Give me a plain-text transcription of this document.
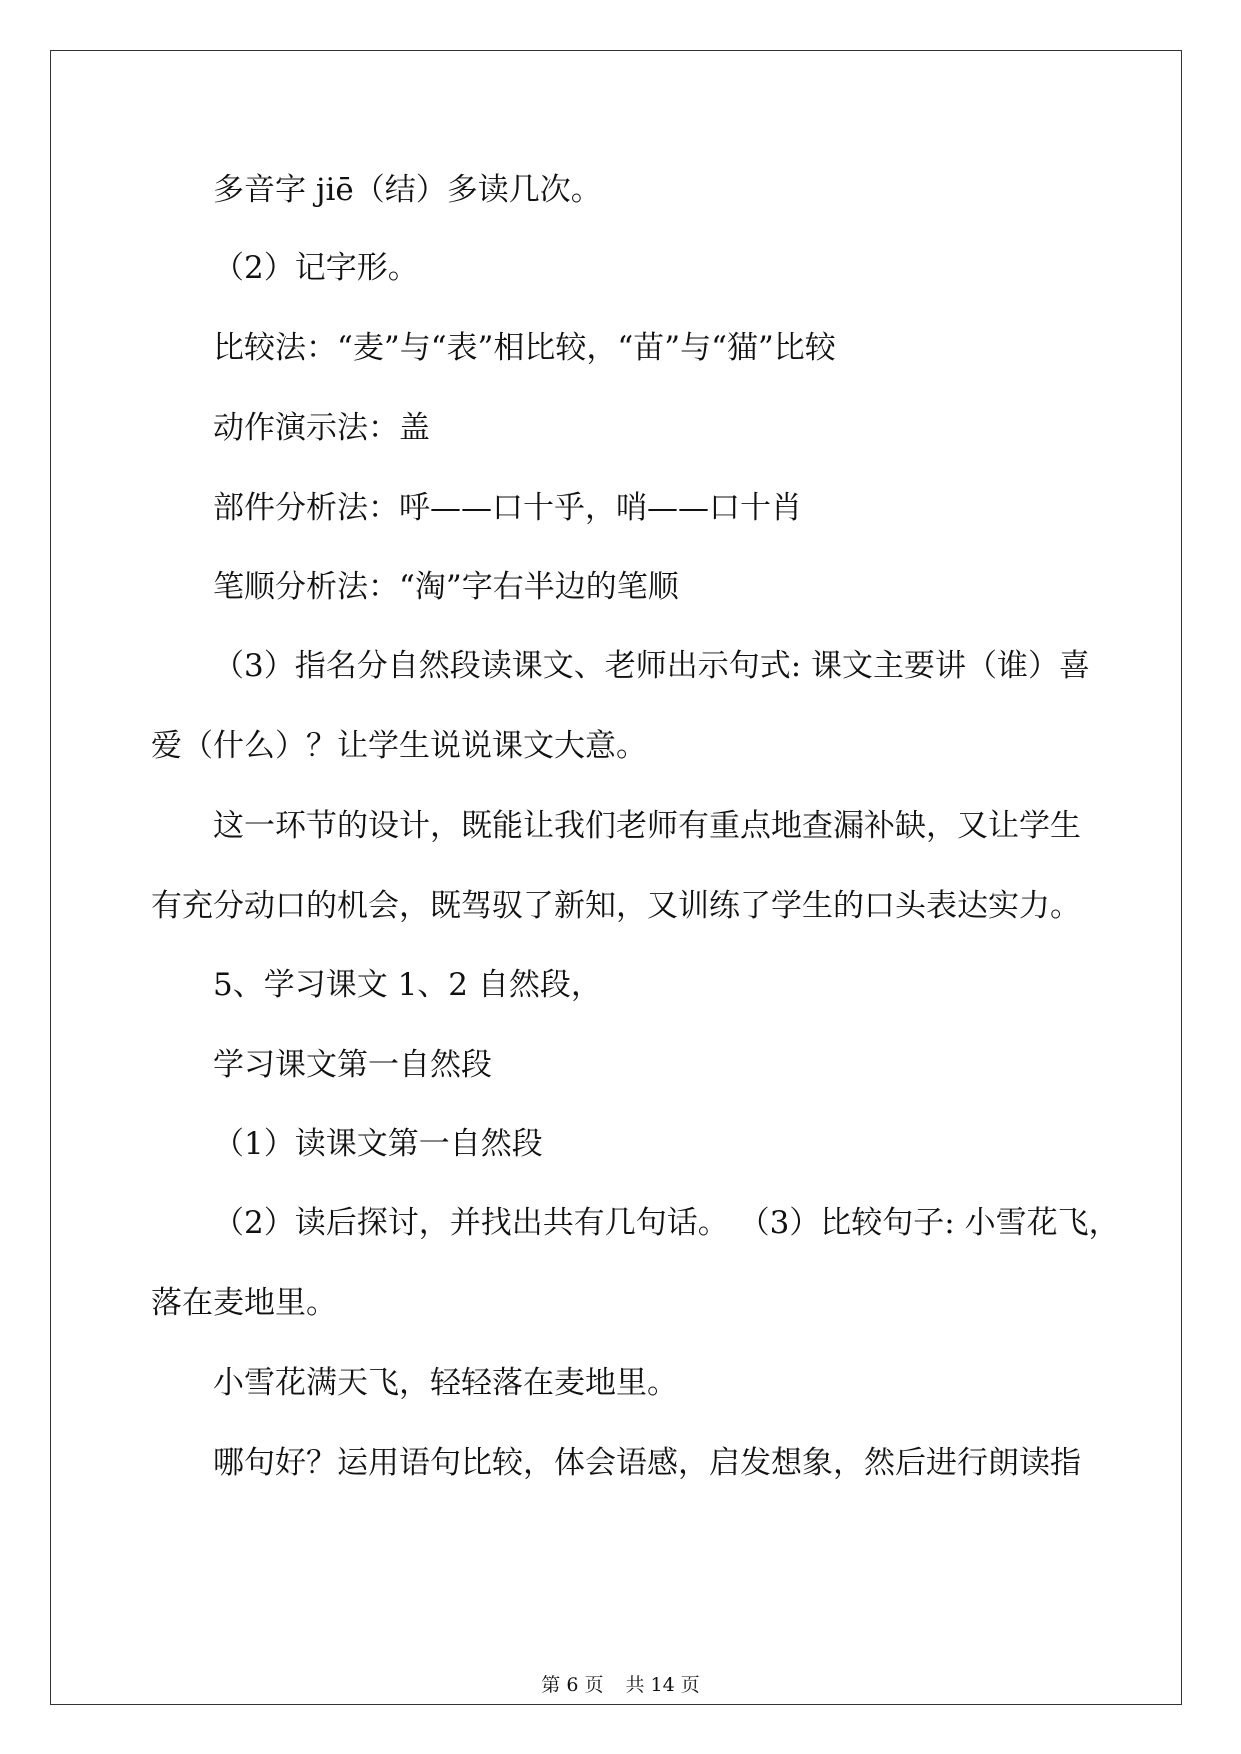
多音字 jiē（结）多读几次。
（2）记字形。
比较法：“麦”与“表”相比较，“苗”与“猫”比较
动作演示法：盖
部件分析法：呼——口十乎，哨——口十肖
笔顺分析法：“淘”字右半边的笔顺
（3）指名分自然段读课文、老师出示句式: 课文主要讲（谁）喜
爱（什么）？让学生说说课文大意。
这一环节的设计，既能让我们老师有重点地查漏补缺，又让学生
有充分动口的机会，既驾驭了新知，又训练了学生的口头表达实力。
5、学习课文 1、2 自然段，
学习课文第一自然段
（1）读课文第一自然段
（2）读后探讨，并找出共有几句话。 （3）比较句子: 小雪花飞，
落在麦地里。
小雪花满天飞，轻轻落在麦地里。
哪句好？运用语句比较，体会语感，启发想象，然后进行朗读指
第 6 页 共 14 页
